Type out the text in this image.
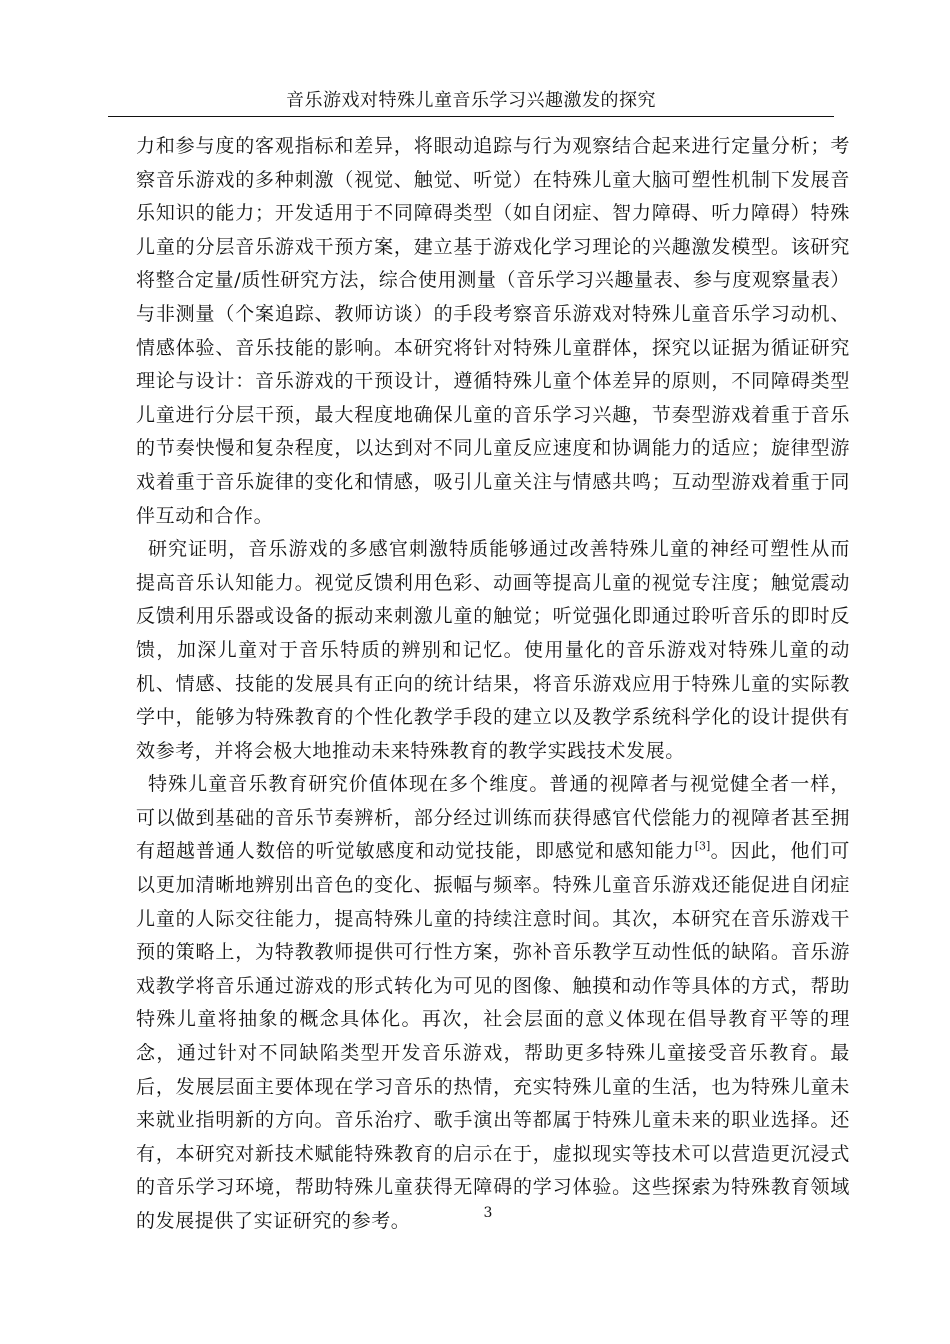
音乐游戏对特殊儿童音乐学习兴趣激发的探究

力和参与度的客观指标和差异，将眼动追踪与行为观察结合起来进行定量分析；考察音乐游戏的多种刺激（视觉、触觉、听觉）在特殊儿童大脑可塑性机制下发展音乐知识的能力；开发适用于不同障碍类型（如自闭症、智力障碍、听力障碍）特殊儿童的分层音乐游戏干预方案，建立基于游戏化学习理论的兴趣激发模型。该研究将整合定量/质性研究方法，综合使用测量（音乐学习兴趣量表、参与度观察量表）与非测量（个案追踪、教师访谈）的手段考察音乐游戏对特殊儿童音乐学习动机、情感体验、音乐技能的影响。本研究将针对特殊儿童群体，探究以证据为循证研究理论与设计：音乐游戏的干预设计，遵循特殊儿童个体差异的原则，不同障碍类型儿童进行分层干预，最大程度地确保儿童的音乐学习兴趣，节奏型游戏着重于音乐的节奏快慢和复杂程度，以达到对不同儿童反应速度和协调能力的适应；旋律型游戏着重于音乐旋律的变化和情感，吸引儿童关注与情感共鸣；互动型游戏着重于同伴互动和合作。

研究证明，音乐游戏的多感官刺激特质能够通过改善特殊儿童的神经可塑性从而提高音乐认知能力。视觉反馈利用色彩、动画等提高儿童的视觉专注度；触觉震动反馈利用乐器或设备的振动来刺激儿童的触觉；听觉强化即通过聆听音乐的即时反馈，加深儿童对于音乐特质的辨别和记忆。使用量化的音乐游戏对特殊儿童的动机、情感、技能的发展具有正向的统计结果，将音乐游戏应用于特殊儿童的实际教学中，能够为特殊教育的个性化教学手段的建立以及教学系统科学化的设计提供有效参考，并将会极大地推动未来特殊教育的教学实践技术发展。

特殊儿童音乐教育研究价值体现在多个维度。普通的视障者与视觉健全者一样，可以做到基础的音乐节奏辨析，部分经过训练而获得感官代偿能力的视障者甚至拥有超越普通人数倍的听觉敏感度和动觉技能，即感觉和感知能力[3]。因此，他们可以更加清晰地辨别出音色的变化、振幅与频率。特殊儿童音乐游戏还能促进自闭症儿童的人际交往能力，提高特殊儿童的持续注意时间。其次，本研究在音乐游戏干预的策略上，为特教教师提供可行性方案，弥补音乐教学互动性低的缺陷。音乐游戏教学将音乐通过游戏的形式转化为可见的图像、触摸和动作等具体的方式，帮助特殊儿童将抽象的概念具体化。再次，社会层面的意义体现在倡导教育平等的理念，通过针对不同缺陷类型开发音乐游戏，帮助更多特殊儿童接受音乐教育。最后，发展层面主要体现在学习音乐的热情，充实特殊儿童的生活，也为特殊儿童未来就业指明新的方向。音乐治疗、歌手演出等都属于特殊儿童未来的职业选择。还有，本研究对新技术赋能特殊教育的启示在于，虚拟现实等技术可以营造更沉浸式的音乐学习环境，帮助特殊儿童获得无障碍的学习体验。这些探索为特殊教育领域的发展提供了实证研究的参考。	3
